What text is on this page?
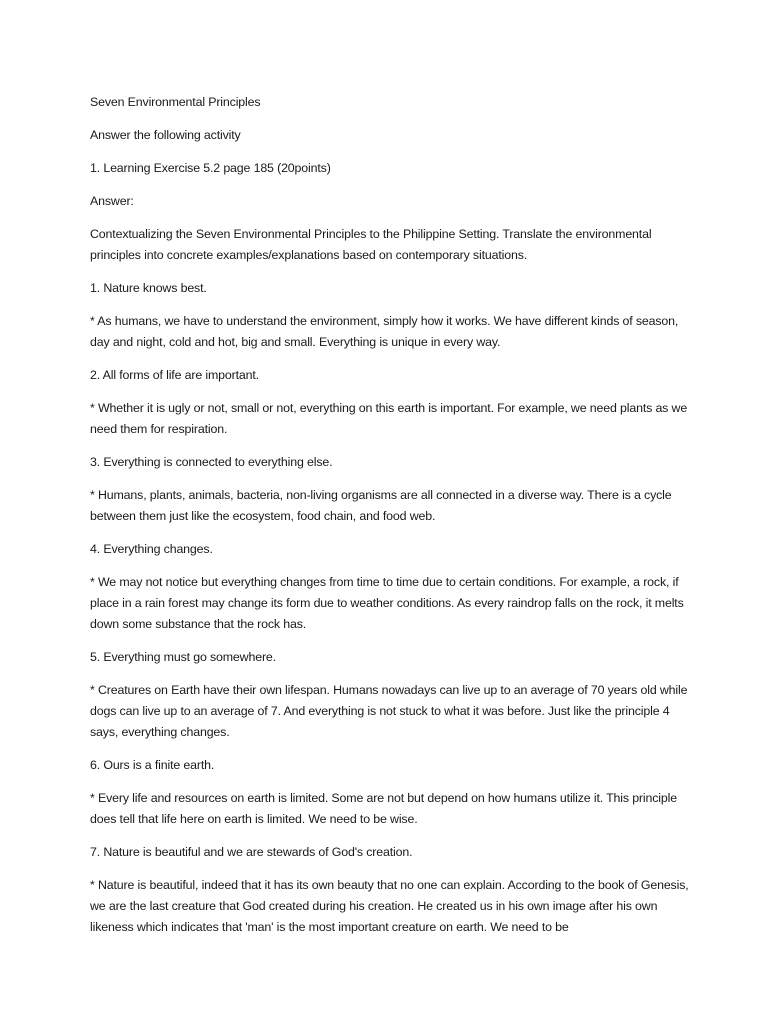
Seven Environmental Principles

Answer the following activity

1. Learning Exercise 5.2 page 185 (20points)

Answer:

Contextualizing the Seven Environmental Principles to the Philippine Setting. Translate the environmental principles into concrete examples/explanations based on contemporary situations.

1. Nature knows best.

* As humans, we have to understand the environment, simply how it works. We have different kinds of season, day and night, cold and hot, big and small. Everything is unique in every way.

2. All forms of life are important.

* Whether it is ugly or not, small or not, everything on this earth is important. For example, we need plants as we need them for respiration.

3. Everything is connected to everything else.

* Humans, plants, animals, bacteria, non-living organisms are all connected in a diverse way. There is a cycle between them just like the ecosystem, food chain, and food web.

4. Everything changes.

* We may not notice but everything changes from time to time due to certain conditions. For example, a rock, if place in a rain forest may change its form due to weather conditions. As every raindrop falls on the rock, it melts down some substance that the rock has.

5. Everything must go somewhere.

* Creatures on Earth have their own lifespan. Humans nowadays can live up to an average of 70 years old while dogs can live up to an average of 7. And everything is not stuck to what it was before. Just like the principle 4 says, everything changes.

6. Ours is a finite earth.

* Every life and resources on earth is limited. Some are not but depend on how humans utilize it. This principle does tell that life here on earth is limited. We need to be wise.

7. Nature is beautiful and we are stewards of God's creation.

* Nature is beautiful, indeed that it has its own beauty that no one can explain. According to the book of Genesis, we are the last creature that God created during his creation. He created us in his own image after his own likeness which indicates that 'man' is the most important creature on earth. We need to be
